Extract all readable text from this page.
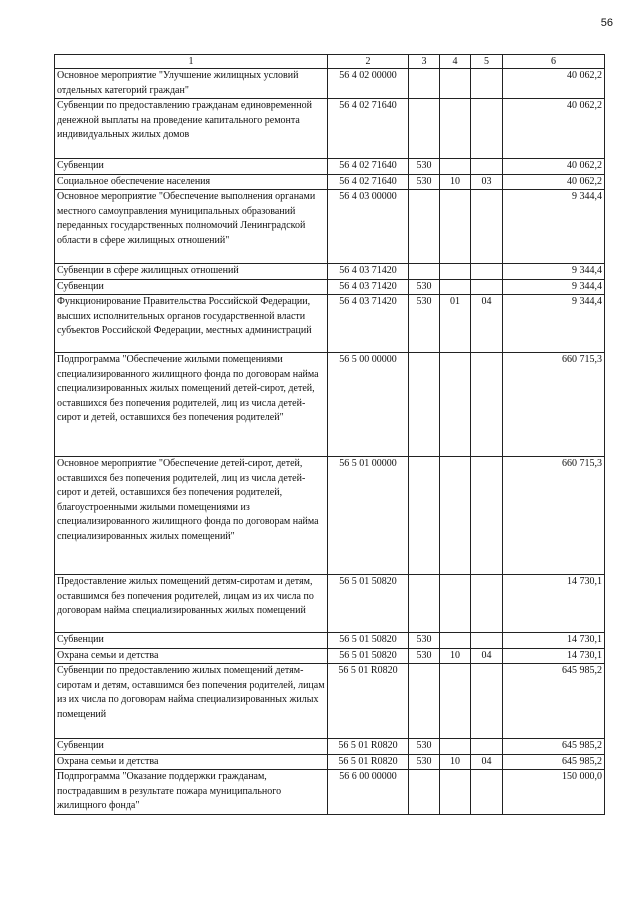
56
1	2	3	4	5	6
Основное мероприятие "Улучшение жилищных условий отдельных категорий граждан"	56 4 02 00000				40 062,2
Субвенции по предоставлению гражданам единовременной денежной выплаты на проведение капитального ремонта индивидуальных жилых домов	56 4 02 71640				40 062,2
Субвенции	56 4 02 71640	530			40 062,2
Социальное обеспечение населения	56 4 02 71640	530	10	03	40 062,2
Основное мероприятие "Обеспечение выполнения органами местного самоуправления муниципальных образований переданных государственных полномочий Ленинградской области в сфере жилищных отношений"	56 4 03 00000				9 344,4
Субвенции в сфере жилищных отношений	56 4 03 71420				9 344,4
Субвенции	56 4 03 71420	530			9 344,4
Функционирование Правительства Российской Федерации, высших исполнительных органов государственной власти субъектов Российской Федерации, местных администраций	56 4 03 71420	530	01	04	9 344,4
Подпрограмма "Обеспечение жилыми помещениями специализированного жилищного фонда по договорам найма специализированных жилых помещений детей-сирот, детей, оставшихся без попечения родителей, лиц из числа детей-сирот и детей, оставшихся без попечения родителей"	56 5 00 00000				660 715,3
Основное мероприятие "Обеспечение детей-сирот, детей, оставшихся без попечения родителей, лиц из числа детей-сирот и детей, оставшихся без попечения родителей, благоустроенными жилыми помещениями из специализированного жилищного фонда по договорам найма специализированных жилых помещений"	56 5 01 00000				660 715,3
Предоставление жилых помещений детям-сиротам и детям, оставшимся без попечения родителей, лицам из их числа по договорам найма специализированных жилых помещений	56 5 01 50820				14 730,1
Субвенции	56 5 01 50820	530			14 730,1
Охрана семьи и детства	56 5 01 50820	530	10	04	14 730,1
Субвенции по предоставлению жилых помещений детям-сиротам и детям, оставшимся без попечения родителей, лицам из их числа по договорам найма специализированных жилых помещений	56 5 01 R0820				645 985,2
Субвенции	56 5 01 R0820	530			645 985,2
Охрана семьи и детства	56 5 01 R0820	530	10	04	645 985,2
Подпрограмма "Оказание поддержки гражданам, пострадавшим в результате пожара муниципального жилищного фонда"	56 6 00 00000				150 000,0
